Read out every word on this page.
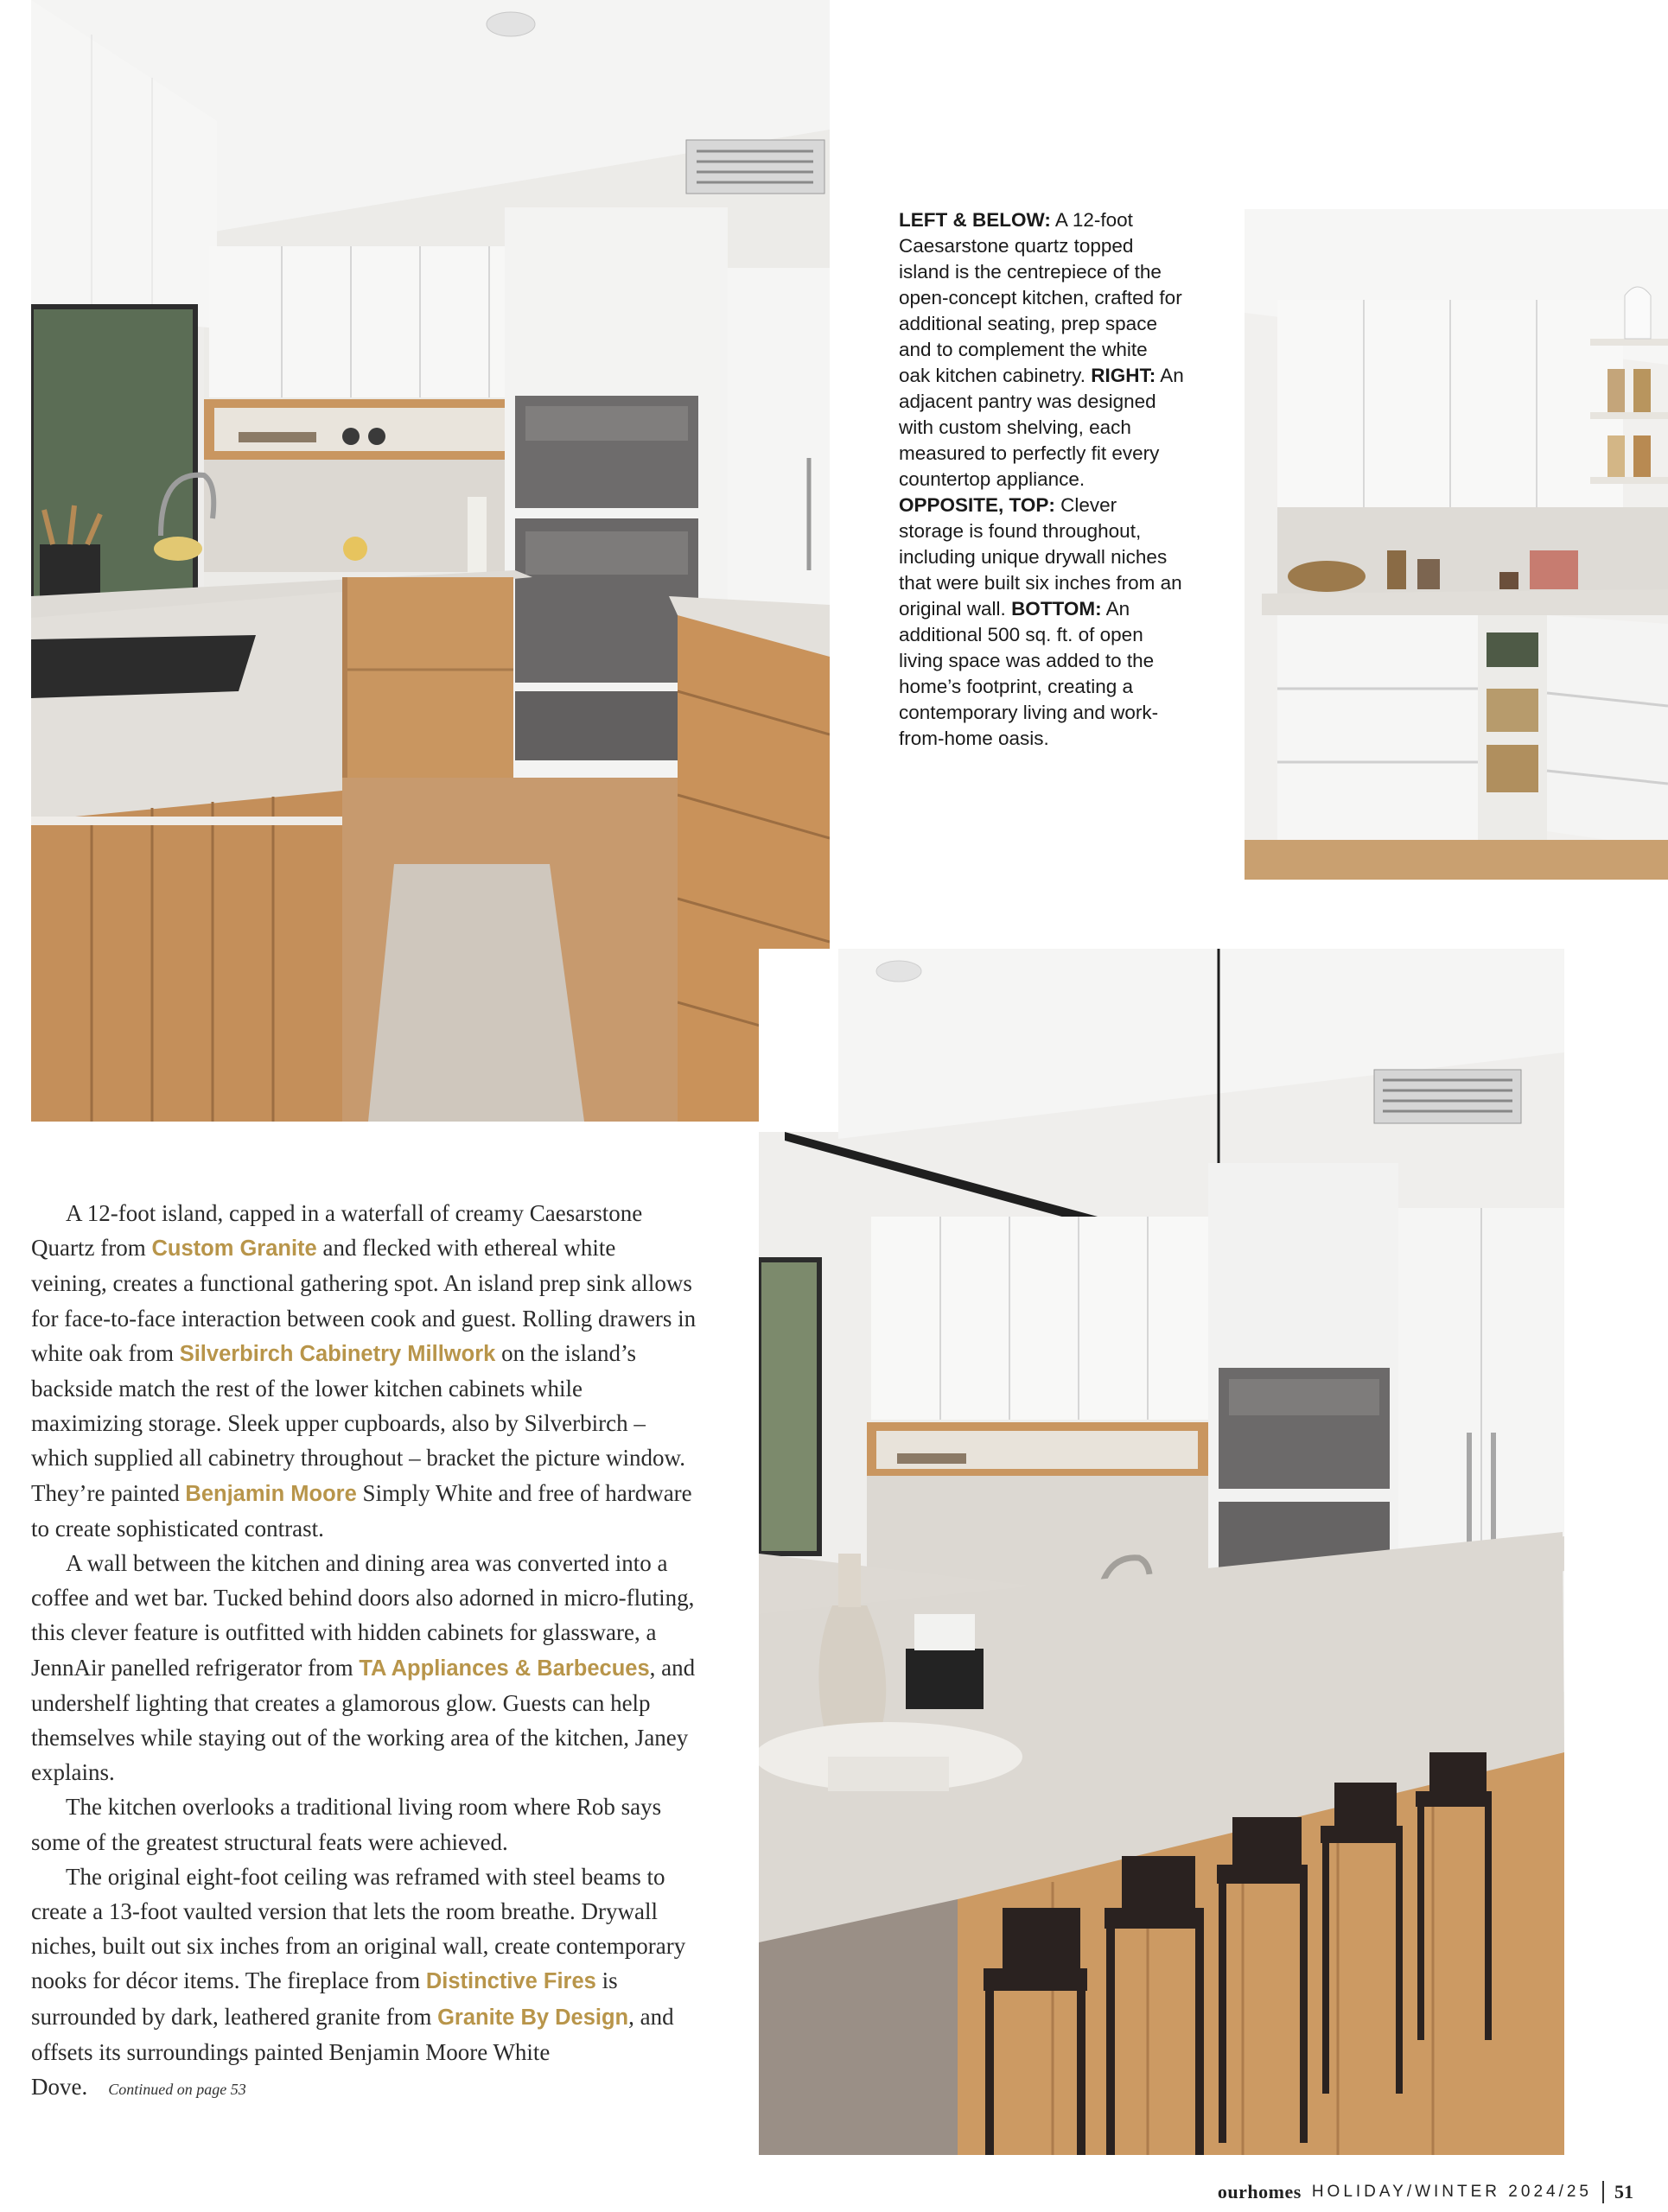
LEFT & BELOW: A 12-foot Caesarstone quartz topped island is the centrepiece of the open-concept kitchen, crafted for additional seating, prep space and to complement the white oak kitchen cabinetry. RIGHT: An adjacent pantry was designed with custom shelving, each measured to perfectly fit every countertop appliance. OPPOSITE, TOP: Clever storage is found throughout, including unique drywall niches that were built six inches from an original wall. BOTTOM: An additional 500 sq. ft. of open living space was added to the home’s footprint, creating a contemporary living and work-from-home oasis.

A 12-foot island, capped in a waterfall of creamy Caesarstone Quartz from Custom Granite and flecked with ethereal white veining, creates a functional gathering spot. An island prep sink allows for face-to-face interaction between cook and guest. Rolling drawers in white oak from Silverbirch Cabinetry Millwork on the island’s backside match the rest of the lower kitchen cabinets while maximizing storage. Sleek upper cupboards, also by Silverbirch – which supplied all cabinetry throughout – bracket the picture window. They’re painted Benjamin Moore Simply White and free of hardware to create sophisticated contrast.

A wall between the kitchen and dining area was converted into a coffee and wet bar. Tucked behind doors also adorned in micro-fluting, this clever feature is outfitted with hidden cabinets for glassware, a JennAir panelled refrigerator from TA Appliances & Barbecues, and undershelf lighting that creates a glamorous glow. Guests can help themselves while staying out of the working area of the kitchen, Janey explains.

The kitchen overlooks a traditional living room where Rob says some of the greatest structural feats were achieved.

The original eight-foot ceiling was reframed with steel beams to create a 13-foot vaulted version that lets the room breathe. Drywall niches, built out six inches from an original wall, create contemporary nooks for décor items. The fireplace from Distinctive Fires is surrounded by dark, leathered granite from Granite By Design, and offsets its surroundings painted Benjamin Moore White Dove. Continued on page 53

ourhomes HOLIDAY/WINTER 2024/25 51
